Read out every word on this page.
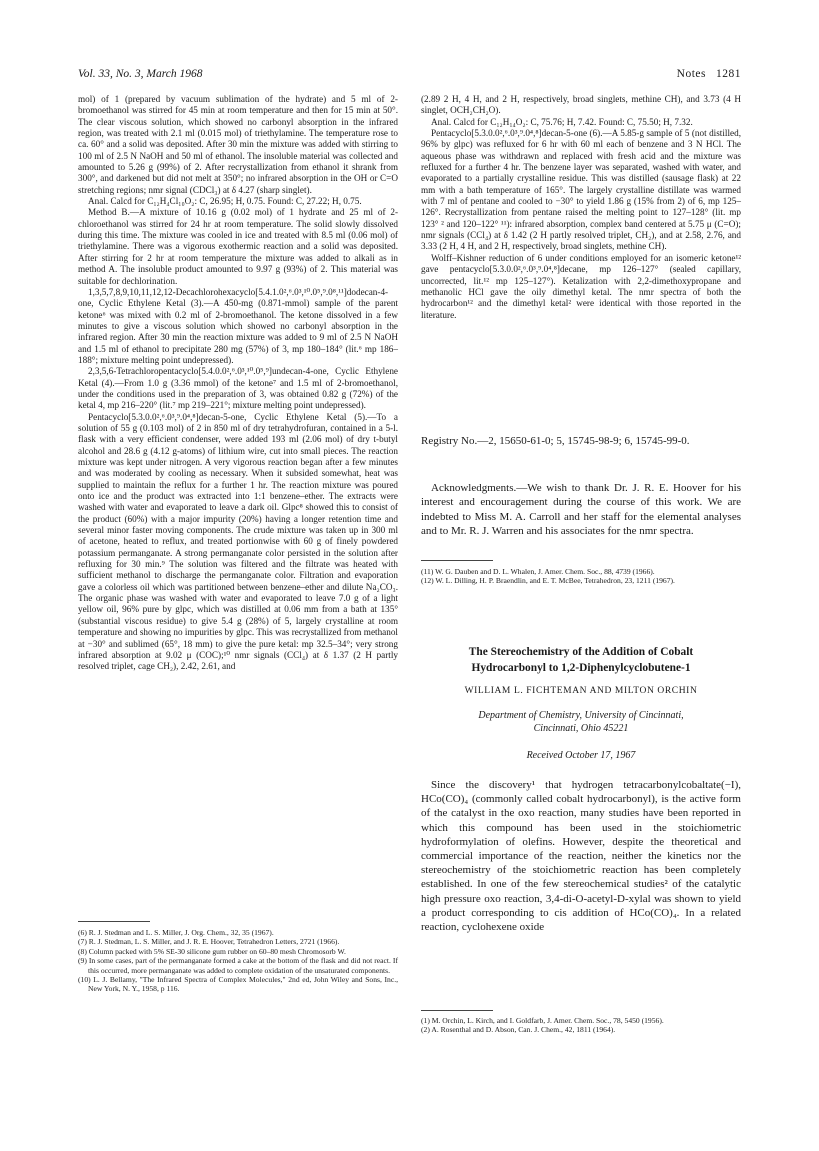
Vol. 33, No. 3, March 1968	Notes 1281

mol) of 1 (prepared by vacuum sublimation of the hydrate) and 5 ml of 2-bromoethanol was stirred for 45 min at room temperature and then for 15 min at 50°. The clear viscous solution, which showed no carbonyl absorption in the infrared region, was treated with 2.1 ml (0.015 mol) of triethylamine. The temperature rose to ca. 60° and a solid was deposited. After 30 min the mixture was added with stirring to 100 ml of 2.5 N NaOH and 50 ml of ethanol. The insoluble material was collected and amounted to 5.26 g (99%) of 2. After recrystallization from ethanol it shrank from 300°, and darkened but did not melt at 350°; no infrared absorption in the OH or C=O stretching regions; nmr signal (CDCl₃) at δ 4.27 (sharp singlet).

Anal. Calcd for C₁₂H₄Cl₁₀O₂: C, 26.95; H, 0.75. Found: C, 27.22; H, 0.75.

Method B.—A mixture of 10.16 g (0.02 mol) of 1 hydrate and 25 ml of 2-chloroethanol was stirred for 24 hr at room temperature. The solid slowly dissolved during this time. The mixture was cooled in ice and treated with 8.5 ml (0.06 mol) of triethylamine. There was a vigorous exothermic reaction and a solid was deposited. After stirring for 2 hr at room temperature the mixture was added to alkali as in method A. The insoluble product amounted to 9.97 g (93%) of 2. This material was suitable for dechlorination.

1,3,5,7,8,9,10,11,12,12-Decachlorohexacyclo[5.4.1.0²,⁶.0³,¹⁰.0⁵,⁹.0⁸,¹¹]dodecan-4-one, Cyclic Ethylene Ketal (3).—A 450-mg (0.871-mmol) sample of the parent ketone⁶ was mixed with 0.2 ml of 2-bromoethanol. The ketone dissolved in a few minutes to give a viscous solution which showed no carbonyl absorption in the infrared region. After 30 min the reaction mixture was added to 9 ml of 2.5 N NaOH and 1.5 ml of ethanol to precipitate 280 mg (57%) of 3, mp 180–184° (lit.⁶ mp 186–188°; mixture melting point undepressed).

2,3,5,6-Tetrachloropentacyclo[5.4.0.0²,⁶.0³,¹⁰.0⁵,⁹]undecan-4-one, Cyclic Ethylene Ketal (4).—From 1.0 g (3.36 mmol) of the ketone⁷ and 1.5 ml of 2-bromoethanol, under the conditions used in the preparation of 3, was obtained 0.82 g (72%) of the ketal 4, mp 216–220° (lit.⁷ mp 219–221°; mixture melting point undepressed).

Pentacyclo[5.3.0.0²,⁶.0³,⁹.0⁴,⁸]decan-5-one, Cyclic Ethylene Ketal (5).—To a solution of 55 g (0.103 mol) of 2 in 850 ml of dry tetrahydrofuran, contained in a 5-l. flask with a very efficient condenser, were added 193 ml (2.06 mol) of dry t-butyl alcohol and 28.6 g (4.12 g-atoms) of lithium wire, cut into small pieces. The reaction mixture was kept under nitrogen. A very vigorous reaction began after a few minutes and was moderated by cooling as necessary. When it subsided somewhat, heat was supplied to maintain the reflux for a further 1 hr. The reaction mixture was poured onto ice and the product was extracted into 1:1 benzene–ether. The extracts were washed with water and evaporated to leave a dark oil. Glpc⁸ showed this to consist of the product (60%) with a major impurity (20%) having a longer retention time and several minor faster moving components. The crude mixture was taken up in 300 ml of acetone, heated to reflux, and treated portionwise with 60 g of finely powdered potassium permanganate. A strong permanganate color persisted in the solution after refluxing for 30 min.⁹ The solution was filtered and the filtrate was heated with sufficient methanol to discharge the permanganate color. Filtration and evaporation gave a colorless oil which was partitioned between benzene–ether and dilute Na₂CO₃. The organic phase was washed with water and evaporated to leave 7.0 g of a light yellow oil, 96% pure by glpc, which was distilled at 0.06 mm from a bath at 135° (substantial viscous residue) to give 5.4 g (28%) of 5, largely crystalline at room temperature and showing no impurities by glpc. This was recrystallized from methanol at −30° and sublimed (65°, 18 mm) to give the pure ketal: mp 32.5–34°; very strong infrared absorption at 9.02 μ (COC);¹⁰ nmr signals (CCl₄) at δ 1.37 (2 H partly resolved triplet, cage CH₂), 2.42, 2.61, and

(6) R. J. Stedman and L. S. Miller, J. Org. Chem., 32, 35 (1967).

(7) R. J. Stedman, L. S. Miller, and J. R. E. Hoover, Tetrahedron Letters, 2721 (1966).

(8) Column packed with 5% SE-30 silicone gum rubber on 60–80 mesh Chromosorb W.

(9) In some cases, part of the permanganate formed a cake at the bottom of the flask and did not react. If this occurred, more permanganate was added to complete oxidation of the unsaturated components.

(10) L. J. Bellamy, "The Infrared Spectra of Complex Molecules," 2nd ed, John Wiley and Sons, Inc., New York, N. Y., 1958, p 116.

(2.89 2 H, 4 H, and 2 H, respectively, broad singlets, methine CH), and 3.73 (4 H singlet, OCH₂CH₂O).

Anal. Calcd for C₁₂H₁₄O₂: C, 75.76; H, 7.42. Found: C, 75.50; H, 7.32.

Pentacyclo[5.3.0.0²,⁶.0³,⁹.0⁴,⁸]decan-5-one (6).—A 5.85-g sample of 5 (not distilled, 96% by glpc) was refluxed for 6 hr with 60 ml each of benzene and 3 N HCl. The aqueous phase was withdrawn and replaced with fresh acid and the mixture was refluxed for a further 4 hr. The benzene layer was separated, washed with water, and evaporated to a partially crystalline residue. This was distilled (sausage flask) at 22 mm with a bath temperature of 165°. The largely crystalline distillate was warmed with 7 ml of pentane and cooled to −30° to yield 1.86 g (15% from 2) of 6, mp 125–126°. Recrystallization from pentane raised the melting point to 127–128° (lit. mp 123° ² and 120–122° ¹¹): infrared absorption, complex band centered at 5.75 μ (C=O); nmr signals (CCl₄) at δ 1.42 (2 H partly resolved triplet, CH₂), and at 2.58, 2.76, and 3.33 (2 H, 4 H, and 2 H, respectively, broad singlets, methine CH).

Wolff–Kishner reduction of 6 under conditions employed for an isomeric ketone¹² gave pentacyclo[5.3.0.0²,⁶.0³,⁹.0⁴,⁸]decane, mp 126–127° (sealed capillary, uncorrected, lit.¹² mp 125–127°). Ketalization with 2,2-dimethoxypropane and methanolic HCl gave the oily dimethyl ketal. The nmr spectra of both the hydrocarbon¹² and the dimethyl ketal² were identical with those reported in the literature.

Registry No.—2, 15650-61-0; 5, 15745-98-9; 6, 15745-99-0.
Acknowledgments.—We wish to thank Dr. J. R. E. Hoover for his interest and encouragement during the course of this work. We are indebted to Miss M. A. Carroll and her staff for the elemental analyses and to Mr. R. J. Warren and his associates for the nmr spectra.

(11) W. G. Dauben and D. L. Whalen, J. Amer. Chem. Soc., 88, 4739 (1966).

(12) W. L. Dilling, H. P. Braendlin, and E. T. McBee, Tetrahedron, 23, 1211 (1967).

The Stereochemistry of the Addition of Cobalt
Hydrocarbonyl to 1,2-Diphenylcyclobutene-1
WILLIAM L. FICHTEMAN AND MILTON ORCHIN
Department of Chemistry, University of Cincinnati,
Cincinnati, Ohio 45221
Received October 17, 1967
Since the discovery¹ that hydrogen tetracarbonylcobaltate(−I), HCo(CO)₄ (commonly called cobalt hydrocarbonyl), is the active form of the catalyst in the oxo reaction, many studies have been reported in which this compound has been used in the stoichiometric hydroformylation of olefins. However, despite the theoretical and commercial importance of the reaction, neither the kinetics nor the stereochemistry of the stoichiometric reaction has been completely established. In one of the few stereochemical studies² of the catalytic high pressure oxo reaction, 3,4-di-O-acetyl-D-xylal was shown to yield a product corresponding to cis addition of HCo(CO)₄. In a related reaction, cyclohexene oxide

(1) M. Orchin, L. Kirch, and I. Goldfarb, J. Amer. Chem. Soc., 78, 5450 (1956).

(2) A. Rosenthal and D. Abson, Can. J. Chem., 42, 1811 (1964).
